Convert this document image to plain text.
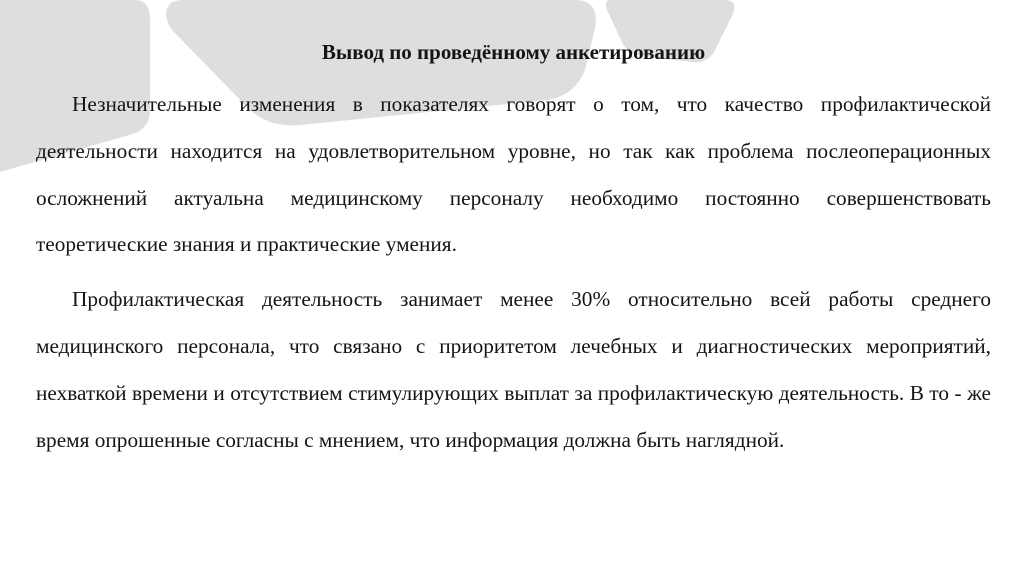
Вывод по проведённому анкетированию

Незначительные изменения в показателях говорят о том, что качество профилактической деятельности находится на удовлетворительном уровне, но так как проблема послеоперационных осложнений актуальна медицинскому персоналу необходимо постоянно совершенствовать теоретические знания и практические умения.

Профилактическая деятельность занимает менее 30% относительно всей работы среднего медицинского персонала, что связано с приоритетом лечебных и диагностических мероприятий, нехваткой времени и отсутствием стимулирующих выплат за профилактическую деятельность. В то - же время опрошенные согласны с мнением, что информация должна быть наглядной.
